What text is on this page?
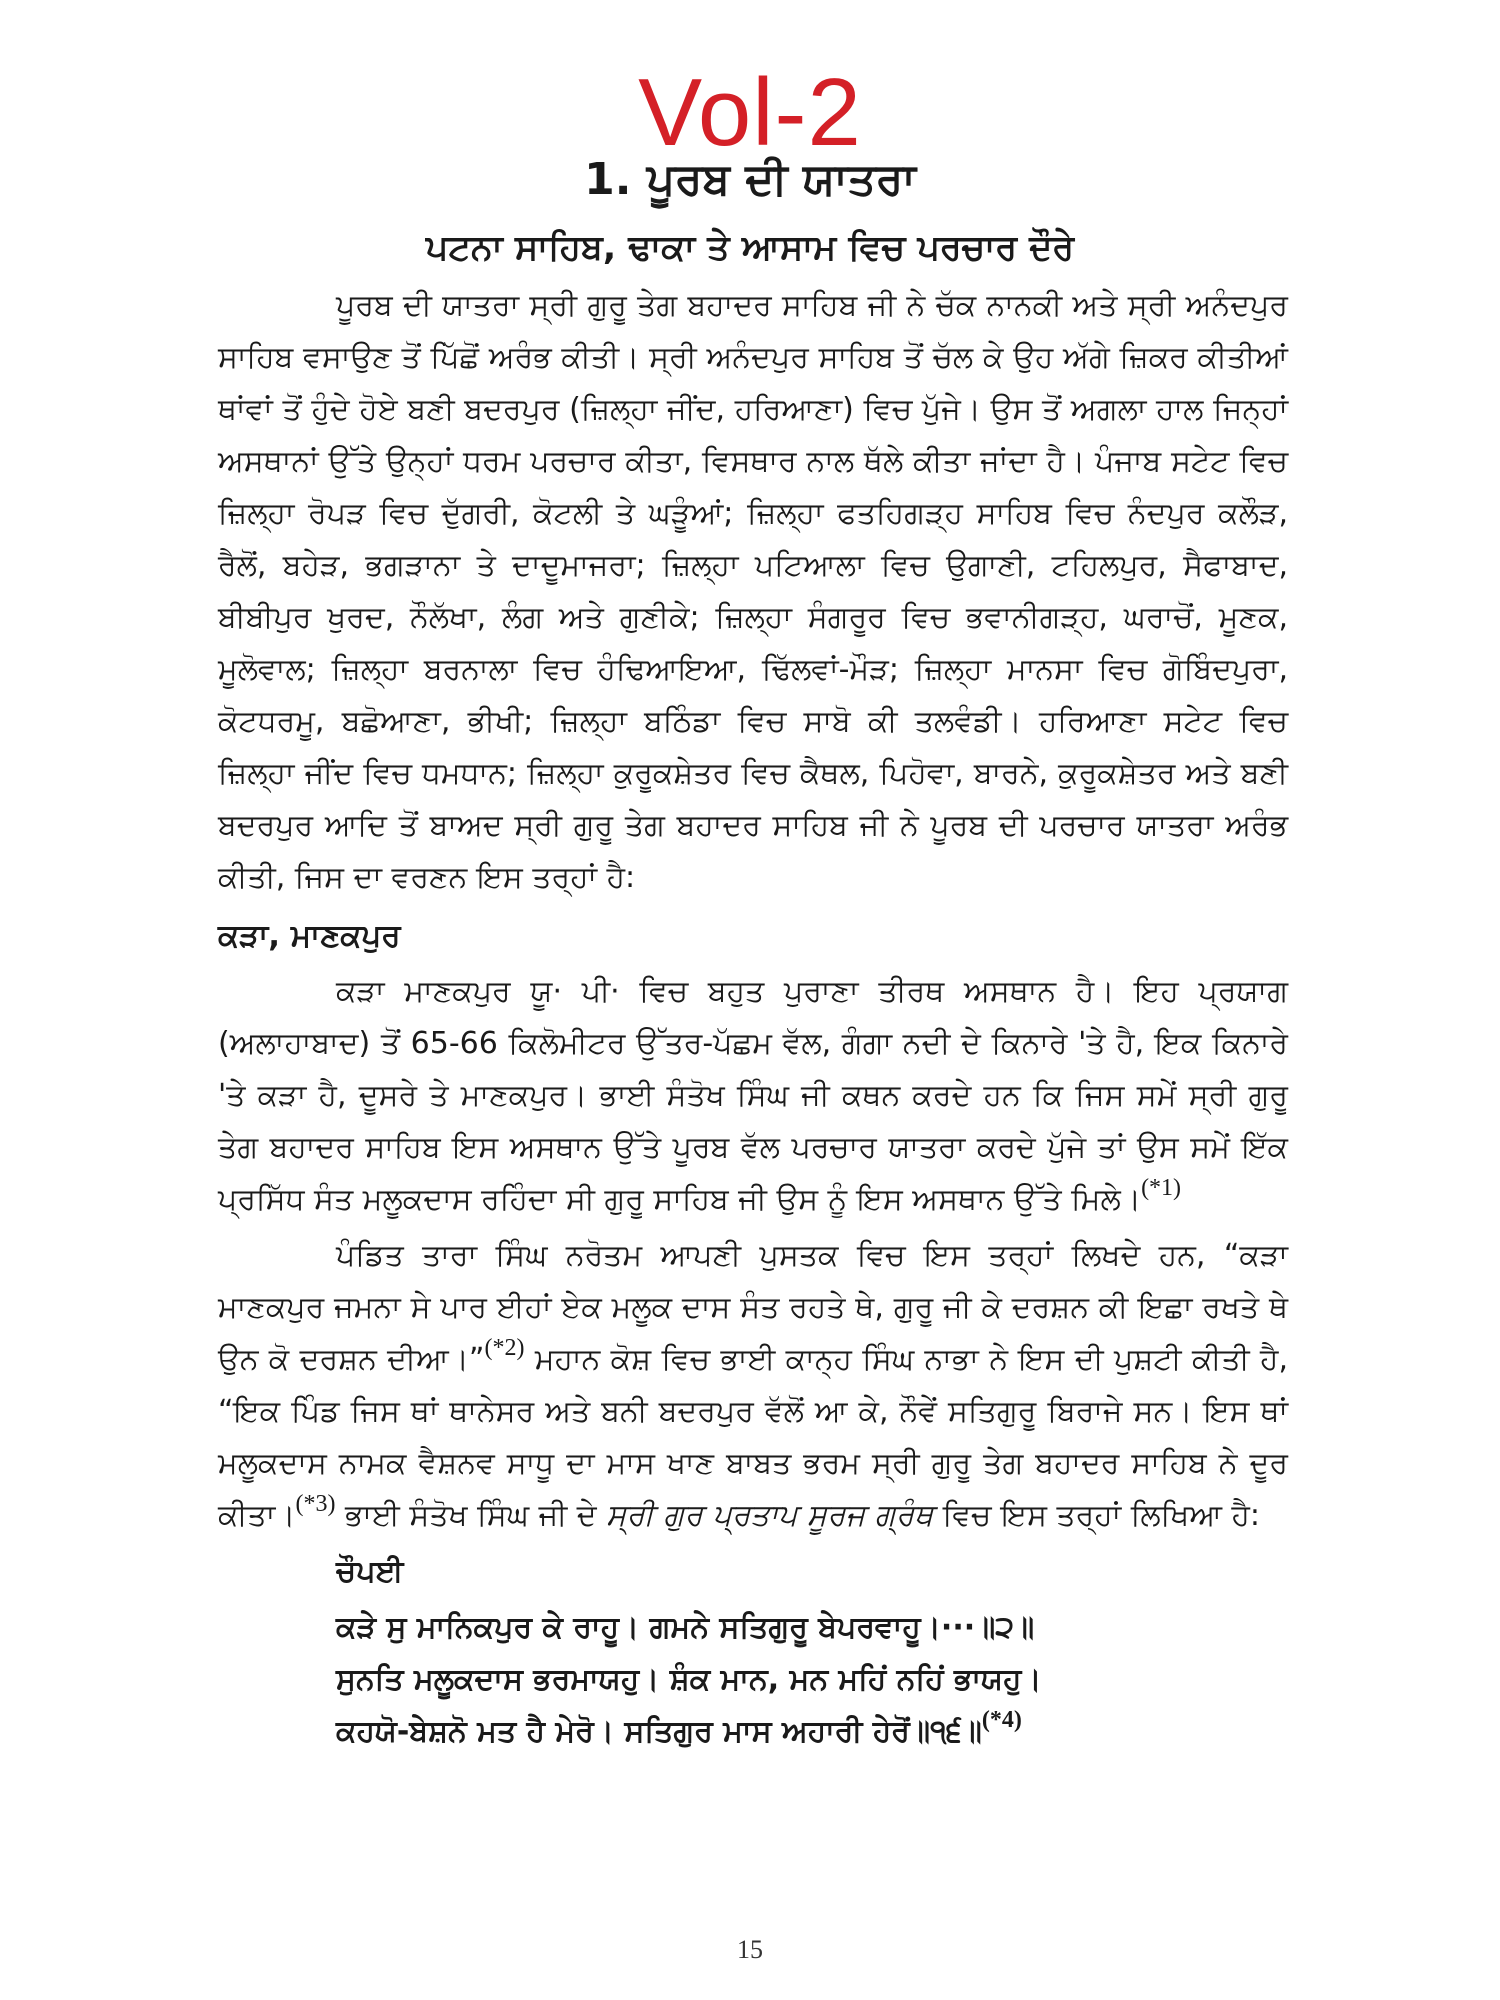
Vol-2
1. ਪੂਰਬ ਦੀ ਯਾਤਰਾ
ਪਟਨਾ ਸਾਹਿਬ, ਢਾਕਾ ਤੇ ਆਸਾਮ ਵਿਚ ਪਰਚਾਰ ਦੌਰੇ

ਪੂਰਬ ਦੀ ਯਾਤਰਾ ਸ੍ਰੀ ਗੁਰੂ ਤੇਗ ਬਹਾਦਰ ਸਾਹਿਬ ਜੀ ਨੇ ਚੱਕ ਨਾਨਕੀ ਅਤੇ ਸ੍ਰੀ ਅਨੰਦਪੁਰ ਸਾਹਿਬ ਵਸਾਉਣ ਤੋਂ ਪਿੱਛੋਂ ਅਰੰਭ ਕੀਤੀ। ਸ੍ਰੀ ਅਨੰਦਪੁਰ ਸਾਹਿਬ ਤੋਂ ਚੱਲ ਕੇ ਉਹ ਅੱਗੇ ਜ਼ਿਕਰ ਕੀਤੀਆਂ ਥਾਂਵਾਂ ਤੋਂ ਹੁੰਦੇ ਹੋਏ ਬਣੀ ਬਦਰਪੁਰ (ਜ਼ਿਲ੍ਹਾ ਜੀਂਦ, ਹਰਿਆਣਾ) ਵਿਚ ਪੁੱਜੇ। ਉਸ ਤੋਂ ਅਗਲਾ ਹਾਲ ਜਿਨ੍ਹਾਂ ਅਸਥਾਨਾਂ ਉੱਤੇ ਉਨ੍ਹਾਂ ਧਰਮ ਪਰਚਾਰ ਕੀਤਾ, ਵਿਸਥਾਰ ਨਾਲ ਥੱਲੇ ਕੀਤਾ ਜਾਂਦਾ ਹੈ। ਪੰਜਾਬ ਸਟੇਟ ਵਿਚ ਜ਼ਿਲ੍ਹਾ ਰੋਪੜ ਵਿਚ ਦੁੱਗਰੀ, ਕੋਟਲੀ ਤੇ ਘੜੂੰਆਂ; ਜ਼ਿਲ੍ਹਾ ਫਤਹਿਗੜ੍ਹ ਸਾਹਿਬ ਵਿਚ ਨੰਦਪੁਰ ਕਲੌੜ, ਰੈਲੋਂ, ਬਹੇੜ, ਭਗੜਾਨਾ ਤੇ ਦਾਦੂਮਾਜਰਾ; ਜ਼ਿਲ੍ਹਾ ਪਟਿਆਲਾ ਵਿਚ ਉਗਾਣੀ, ਟਹਿਲਪੁਰ, ਸੈਫਾਬਾਦ, ਬੀਬੀਪੁਰ ਖੁਰਦ, ਨੌਲੱਖਾ, ਲੰਗ ਅਤੇ ਗੁਣੀਕੇ; ਜ਼ਿਲ੍ਹਾ ਸੰਗਰੂਰ ਵਿਚ ਭਵਾਨੀਗੜ੍ਹ, ਘਰਾਚੋਂ, ਮੂਣਕ, ਮੂਲੋਵਾਲ; ਜ਼ਿਲ੍ਹਾ ਬਰਨਾਲਾ ਵਿਚ ਹੰਢਿਆਇਆ, ਢਿੱਲਵਾਂ-ਮੌੜ; ਜ਼ਿਲ੍ਹਾ ਮਾਨਸਾ ਵਿਚ ਗੋਬਿੰਦਪੁਰਾ, ਕੋਟਧਰਮੂ, ਬਛੋਆਣਾ, ਭੀਖੀ; ਜ਼ਿਲ੍ਹਾ ਬਠਿੰਡਾ ਵਿਚ ਸਾਬੋ ਕੀ ਤਲਵੰਡੀ। ਹਰਿਆਣਾ ਸਟੇਟ ਵਿਚ ਜ਼ਿਲ੍ਹਾ ਜੀਂਦ ਵਿਚ ਧਮਧਾਨ; ਜ਼ਿਲ੍ਹਾ ਕੁਰੂਕਸ਼ੇਤਰ ਵਿਚ ਕੈਥਲ, ਪਿਹੋਵਾ, ਬਾਰਨੇ, ਕੁਰੂਕਸ਼ੇਤਰ ਅਤੇ ਬਣੀ ਬਦਰਪੁਰ ਆਦਿ ਤੋਂ ਬਾਅਦ ਸ੍ਰੀ ਗੁਰੂ ਤੇਗ ਬਹਾਦਰ ਸਾਹਿਬ ਜੀ ਨੇ ਪੂਰਬ ਦੀ ਪਰਚਾਰ ਯਾਤਰਾ ਅਰੰਭ ਕੀਤੀ, ਜਿਸ ਦਾ ਵਰਣਨ ਇਸ ਤਰ੍ਹਾਂ ਹੈ:

ਕੜਾ, ਮਾਣਕਪੁਰ

ਕੜਾ ਮਾਣਕਪੁਰ ਯੂ· ਪੀ· ਵਿਚ ਬਹੁਤ ਪੁਰਾਣਾ ਤੀਰਥ ਅਸਥਾਨ ਹੈ। ਇਹ ਪ੍ਰਯਾਗ (ਅਲਾਹਾਬਾਦ) ਤੋਂ 65-66 ਕਿਲੋਮੀਟਰ ਉੱਤਰ-ਪੱਛਮ ਵੱਲ, ਗੰਗਾ ਨਦੀ ਦੇ ਕਿਨਾਰੇ 'ਤੇ ਹੈ, ਇਕ ਕਿਨਾਰੇ 'ਤੇ ਕੜਾ ਹੈ, ਦੂਸਰੇ ਤੇ ਮਾਣਕਪੁਰ। ਭਾਈ ਸੰਤੋਖ ਸਿੰਘ ਜੀ ਕਥਨ ਕਰਦੇ ਹਨ ਕਿ ਜਿਸ ਸਮੇਂ ਸ੍ਰੀ ਗੁਰੂ ਤੇਗ ਬਹਾਦਰ ਸਾਹਿਬ ਇਸ ਅਸਥਾਨ ਉੱਤੇ ਪੂਰਬ ਵੱਲ ਪਰਚਾਰ ਯਾਤਰਾ ਕਰਦੇ ਪੁੱਜੇ ਤਾਂ ਉਸ ਸਮੇਂ ਇੱਕ ਪ੍ਰਸਿੱਧ ਸੰਤ ਮਲੂਕਦਾਸ ਰਹਿੰਦਾ ਸੀ ਗੁਰੂ ਸਾਹਿਬ ਜੀ ਉਸ ਨੂੰ ਇਸ ਅਸਥਾਨ ਉੱਤੇ ਮਿਲੇ।$^{(*1)}$

ਪੰਡਿਤ ਤਾਰਾ ਸਿੰਘ ਨਰੋਤਮ ਆਪਣੀ ਪੁਸਤਕ ਵਿਚ ਇਸ ਤਰ੍ਹਾਂ ਲਿਖਦੇ ਹਨ, “ਕੜਾ ਮਾਣਕਪੁਰ ਜਮਨਾ ਸੇ ਪਾਰ ਈਹਾਂ ਏਕ ਮਲੂਕ ਦਾਸ ਸੰਤ ਰਹਤੇ ਥੇ, ਗੁਰੂ ਜੀ ਕੇ ਦਰਸ਼ਨ ਕੀ ਇਛਾ ਰਖਤੇ ਥੇ ਉਨ ਕੋ ਦਰਸ਼ਨ ਦੀਆ।”$^{(*2)}$ ਮਹਾਨ ਕੋਸ਼ ਵਿਚ ਭਾਈ ਕਾਨ੍ਹ ਸਿੰਘ ਨਾਭਾ ਨੇ ਇਸ ਦੀ ਪੁਸ਼ਟੀ ਕੀਤੀ ਹੈ, “ਇਕ ਪਿੰਡ ਜਿਸ ਥਾਂ ਥਾਨੇਸਰ ਅਤੇ ਬਨੀ ਬਦਰਪੁਰ ਵੱਲੋਂ ਆ ਕੇ, ਨੌਵੇਂ ਸਤਿਗੁਰੂ ਬਿਰਾਜੇ ਸਨ। ਇਸ ਥਾਂ ਮਲੂਕਦਾਸ ਨਾਮਕ ਵੈਸ਼ਨਵ ਸਾਧੂ ਦਾ ਮਾਸ ਖਾਣ ਬਾਬਤ ਭਰਮ ਸ੍ਰੀ ਗੁਰੂ ਤੇਗ ਬਹਾਦਰ ਸਾਹਿਬ ਨੇ ਦੂਰ ਕੀਤਾ।$^{(*3)}$ ਭਾਈ ਸੰਤੋਖ ਸਿੰਘ ਜੀ ਦੇ ਸ੍ਰੀ ਗੁਰ ਪ੍ਰਤਾਪ ਸੂਰਜ ਗ੍ਰੰਥ ਵਿਚ ਇਸ ਤਰ੍ਹਾਂ ਲਿਖਿਆ ਹੈ:

ਚੌਪਈ
ਕੜੇ ਸੁ ਮਾਨਿਕਪੁਰ ਕੇ ਰਾਹੂ। ਗਮਨੇ ਸਤਿਗੁਰੂ ਬੇਪਰਵਾਹੂ।···॥੨॥
ਸੁਨਤਿ ਮਲੂਕਦਾਸ ਭਰਮਾਯਹੁ। ਸ਼ੰਕ ਮਾਨ, ਮਨ ਮਹਿਂ ਨਹਿਂ ਭਾਯਹੁ।
ਕਹਯੋ-ਬੇਸ਼ਨੋ ਮਤ ਹੈ ਮੇਰੋ। ਸਤਿਗੁਰ ਮਾਸ ਅਹਾਰੀ ਹੇਰੋਂ॥੧੬॥$^{(*4)}$
15
